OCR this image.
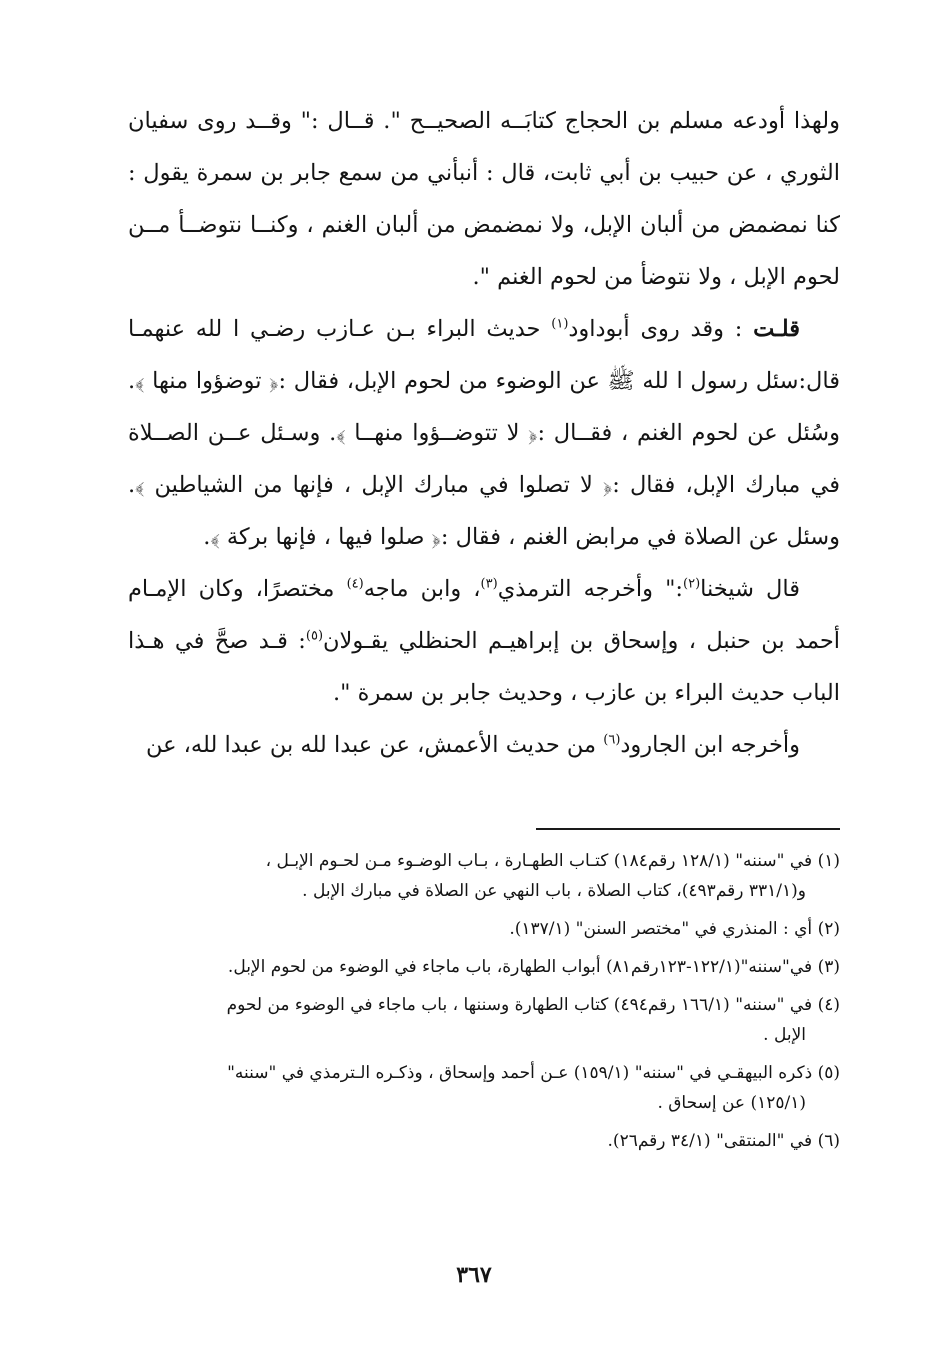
ولهذا أودعه مسلم بن الحجاج كتابَــه الصحيــح ". قــال :" وقــد روى سفيان الثوري ، عن حبيب بن أبي ثابت، قال : أنبأني من سمع جابر بن سمرة يقول : كنا نمضمض من ألبان الإبل، ولا نمضمض من ألبان الغنم ، وكنــا نتوضــأ مــن لحوم الإبل ، ولا نتوضأ من لحوم الغنم ".

قلـت : وقد روى أبوداود$^{(١)}$ حديث البراء بـن عـازب رضـي ا لله عنهمـا قال:سئل رسول ا لله ﷺ عن الوضوء من لحوم الإبل، فقال :﴿ توضؤوا منها ﴾. وسُئل عن لحوم الغنم ، فقــال :﴿ لا تتوضــؤوا منهــا ﴾. وسـئل عــن الصــلاة في مبارك الإبل، فقال :﴿ لا تصلوا في مبارك الإبل ، فإنها من الشياطين ﴾. وسئل عن الصلاة في مرابض الغنم ، فقال :﴿ صلوا فيها ، فإنها بركة ﴾.

قال شيخنا$^{(٢)}$:" وأخرجه الترمذي$^{(٣)}$، وابن ماجه$^{(٤)}$ مختصرًا، وكان الإمـام أحمد بن حنبل ، وإسحاق بن إبراهيـم الحنظلي يقـولان$^{(٥)}$: قـد صحَّ في هـذا الباب حديث البراء بن عازب ، وحديث جابر بن سمرة ".

وأخرجه ابن الجارود$^{(٦)}$ من حديث الأعمش، عن عبدا لله بن عبدا لله، عن

(١) في "سننه" (١٢٨/١ رقم١٨٤) كتـاب الطهـارة ، بـاب الوضـوء مـن لحـوم الإبـل ،
و(٣٣١/١ رقم٤٩٣)، كتاب الصلاة ، باب النهي عن الصلاة في مبارك الإبل .

(٢) أي : المنذري في "مختصر السنن" (١٣٧/١).

(٣) في"سننه"(١٢٢/١-١٢٣رقم٨١) أبواب الطهارة، باب ماجاء في الوضوء من لحوم الإبل.

(٤) في "سننه" (١٦٦/١ رقم٤٩٤) كتاب الطهارة وسننها ، باب ماجاء في الوضوء من لحوم
الإبل .

(٥) ذكره البيهقـي في "سننه" (١٥٩/١) عـن أحمد وإسحاق ، وذكـره الـترمذي في "سننه"
(١٢٥/١) عن إسحاق .

(٦) في "المنتقى" (٣٤/١ رقم٢٦).

٣٦٧
